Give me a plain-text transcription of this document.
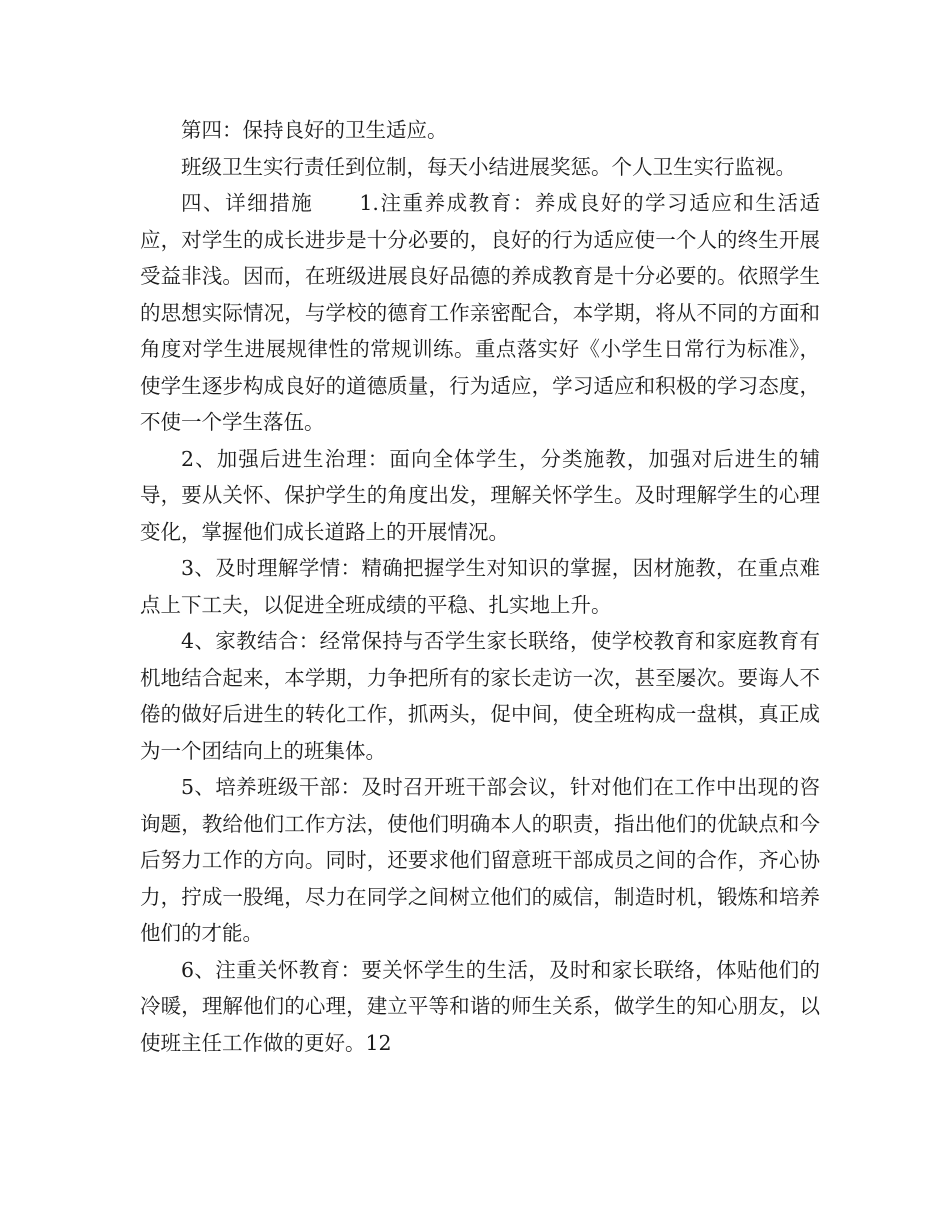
第四：保持良好的卫生适应。

班级卫生实行责任到位制，每天小结进展奖惩。个人卫生实行监视。

四、详细措施 1.注重养成教育：养成良好的学习适应和生活适应，对学生的成长进步是十分必要的，良好的行为适应使一个人的终生开展受益非浅。因而，在班级进展良好品德的养成教育是十分必要的。依照学生的思想实际情况，与学校的德育工作亲密配合，本学期，将从不同的方面和角度对学生进展规律性的常规训练。重点落实好《小学生日常行为标准》，使学生逐步构成良好的道德质量，行为适应，学习适应和积极的学习态度，不使一个学生落伍。

2、加强后进生治理：面向全体学生，分类施教，加强对后进生的辅导，要从关怀、保护学生的角度出发，理解关怀学生。及时理解学生的心理变化，掌握他们成长道路上的开展情况。

3、及时理解学情：精确把握学生对知识的掌握，因材施教，在重点难点上下工夫，以促进全班成绩的平稳、扎实地上升。

4、家教结合：经常保持与否学生家长联络，使学校教育和家庭教育有机地结合起来，本学期，力争把所有的家长走访一次，甚至屡次。要诲人不倦的做好后进生的转化工作，抓两头，促中间，使全班构成一盘棋，真正成为一个团结向上的班集体。

5、培养班级干部：及时召开班干部会议，针对他们在工作中出现的咨询题，教给他们工作方法，使他们明确本人的职责，指出他们的优缺点和今后努力工作的方向。同时，还要求他们留意班干部成员之间的合作，齐心协力，拧成一股绳，尽力在同学之间树立他们的威信，制造时机，锻炼和培养他们的才能。

6、注重关怀教育：要关怀学生的生活，及时和家长联络，体贴他们的冷暖，理解他们的心理，建立平等和谐的师生关系，做学生的知心朋友，以使班主任工作做的更好。12
